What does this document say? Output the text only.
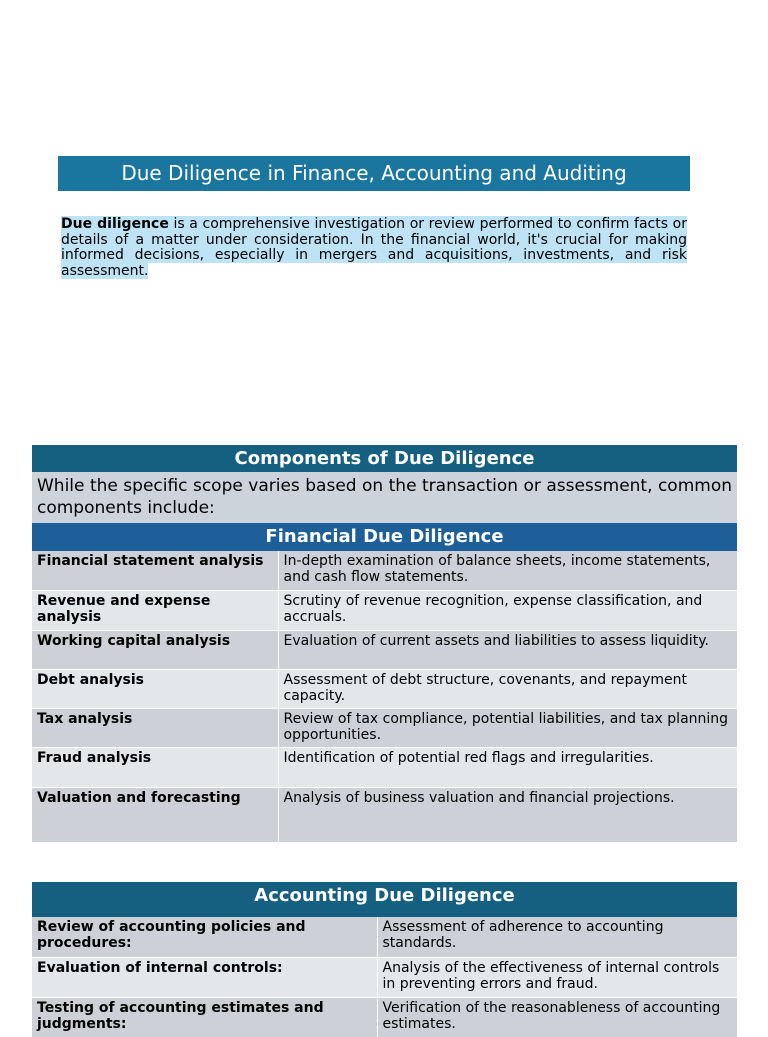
Due Diligence in Finance, Accounting and Auditing
Due diligence is a comprehensive investigation or review performed to confirm facts or details of a matter under consideration. In the financial world, it's crucial for making informed decisions, especially in mergers and acquisitions, investments, and risk assessment.
Components of Due Diligence	
While the specific scope varies based on the transaction or assessment, common components include:	
Financial Due Diligence	
Financial statement analysis	In-depth examination of balance sheets, income statements, and cash flow statements.
Revenue and expense analysis	Scrutiny of revenue recognition, expense classification, and accruals.
Working capital analysis	Evaluation of current assets and liabilities to assess liquidity.
Debt analysis	Assessment of debt structure, covenants, and repayment capacity.
Tax analysis	Review of tax compliance, potential liabilities, and tax planning opportunities.
Fraud analysis	Identification of potential red flags and irregularities.
Valuation and forecasting	Analysis of business valuation and financial projections.
Accounting Due Diligence	
Review of accounting policies and procedures:	Assessment of adherence to accounting standards.
Evaluation of internal controls:	Analysis of the effectiveness of internal controls in preventing errors and fraud.
Testing of accounting estimates and judgments:	Verification of the reasonableness of accounting estimates.
